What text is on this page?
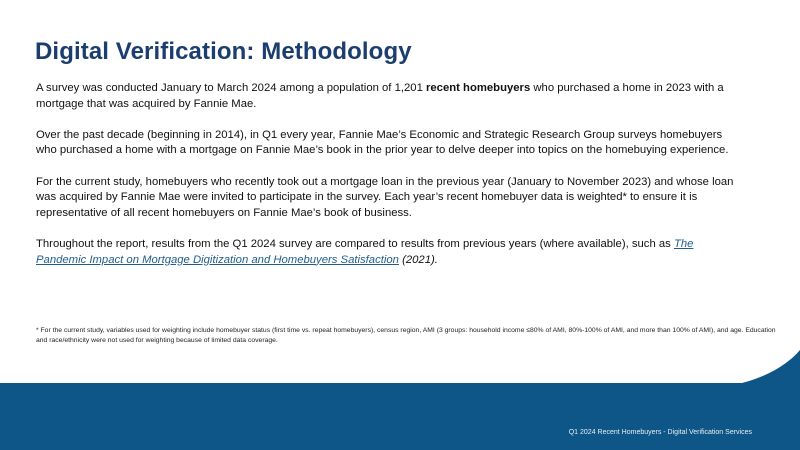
Digital Verification: Methodology

A survey was conducted January to March 2024 among a population of 1,201 recent homebuyers who purchased a home in 2023 with a mortgage that was acquired by Fannie Mae.

Over the past decade (beginning in 2014), in Q1 every year, Fannie Mae’s Economic and Strategic Research Group surveys homebuyers who purchased a home with a mortgage on Fannie Mae’s book in the prior year to delve deeper into topics on the homebuying experience.

For the current study, homebuyers who recently took out a mortgage loan in the previous year (January to November 2023) and whose loan was acquired by Fannie Mae were invited to participate in the survey. Each year’s recent homebuyer data is weighted* to ensure it is representative of all recent homebuyers on Fannie Mae’s book of business.

Throughout the report, results from the Q1 2024 survey are compared to results from previous years (where available), such as The Pandemic Impact on Mortgage Digitization and Homebuyers Satisfaction (2021).

* For the current study, variables used for weighting include homebuyer status (first time vs. repeat homebuyers), census region, AMI (3 groups: household income ≤80% of AMI, 80%-100% of AMI, and more than 100% of AMI), and age. Education and race/ethnicity were not used for weighting because of limited data coverage.
Q1 2024 Recent Homebuyers - Digital Verification Services
